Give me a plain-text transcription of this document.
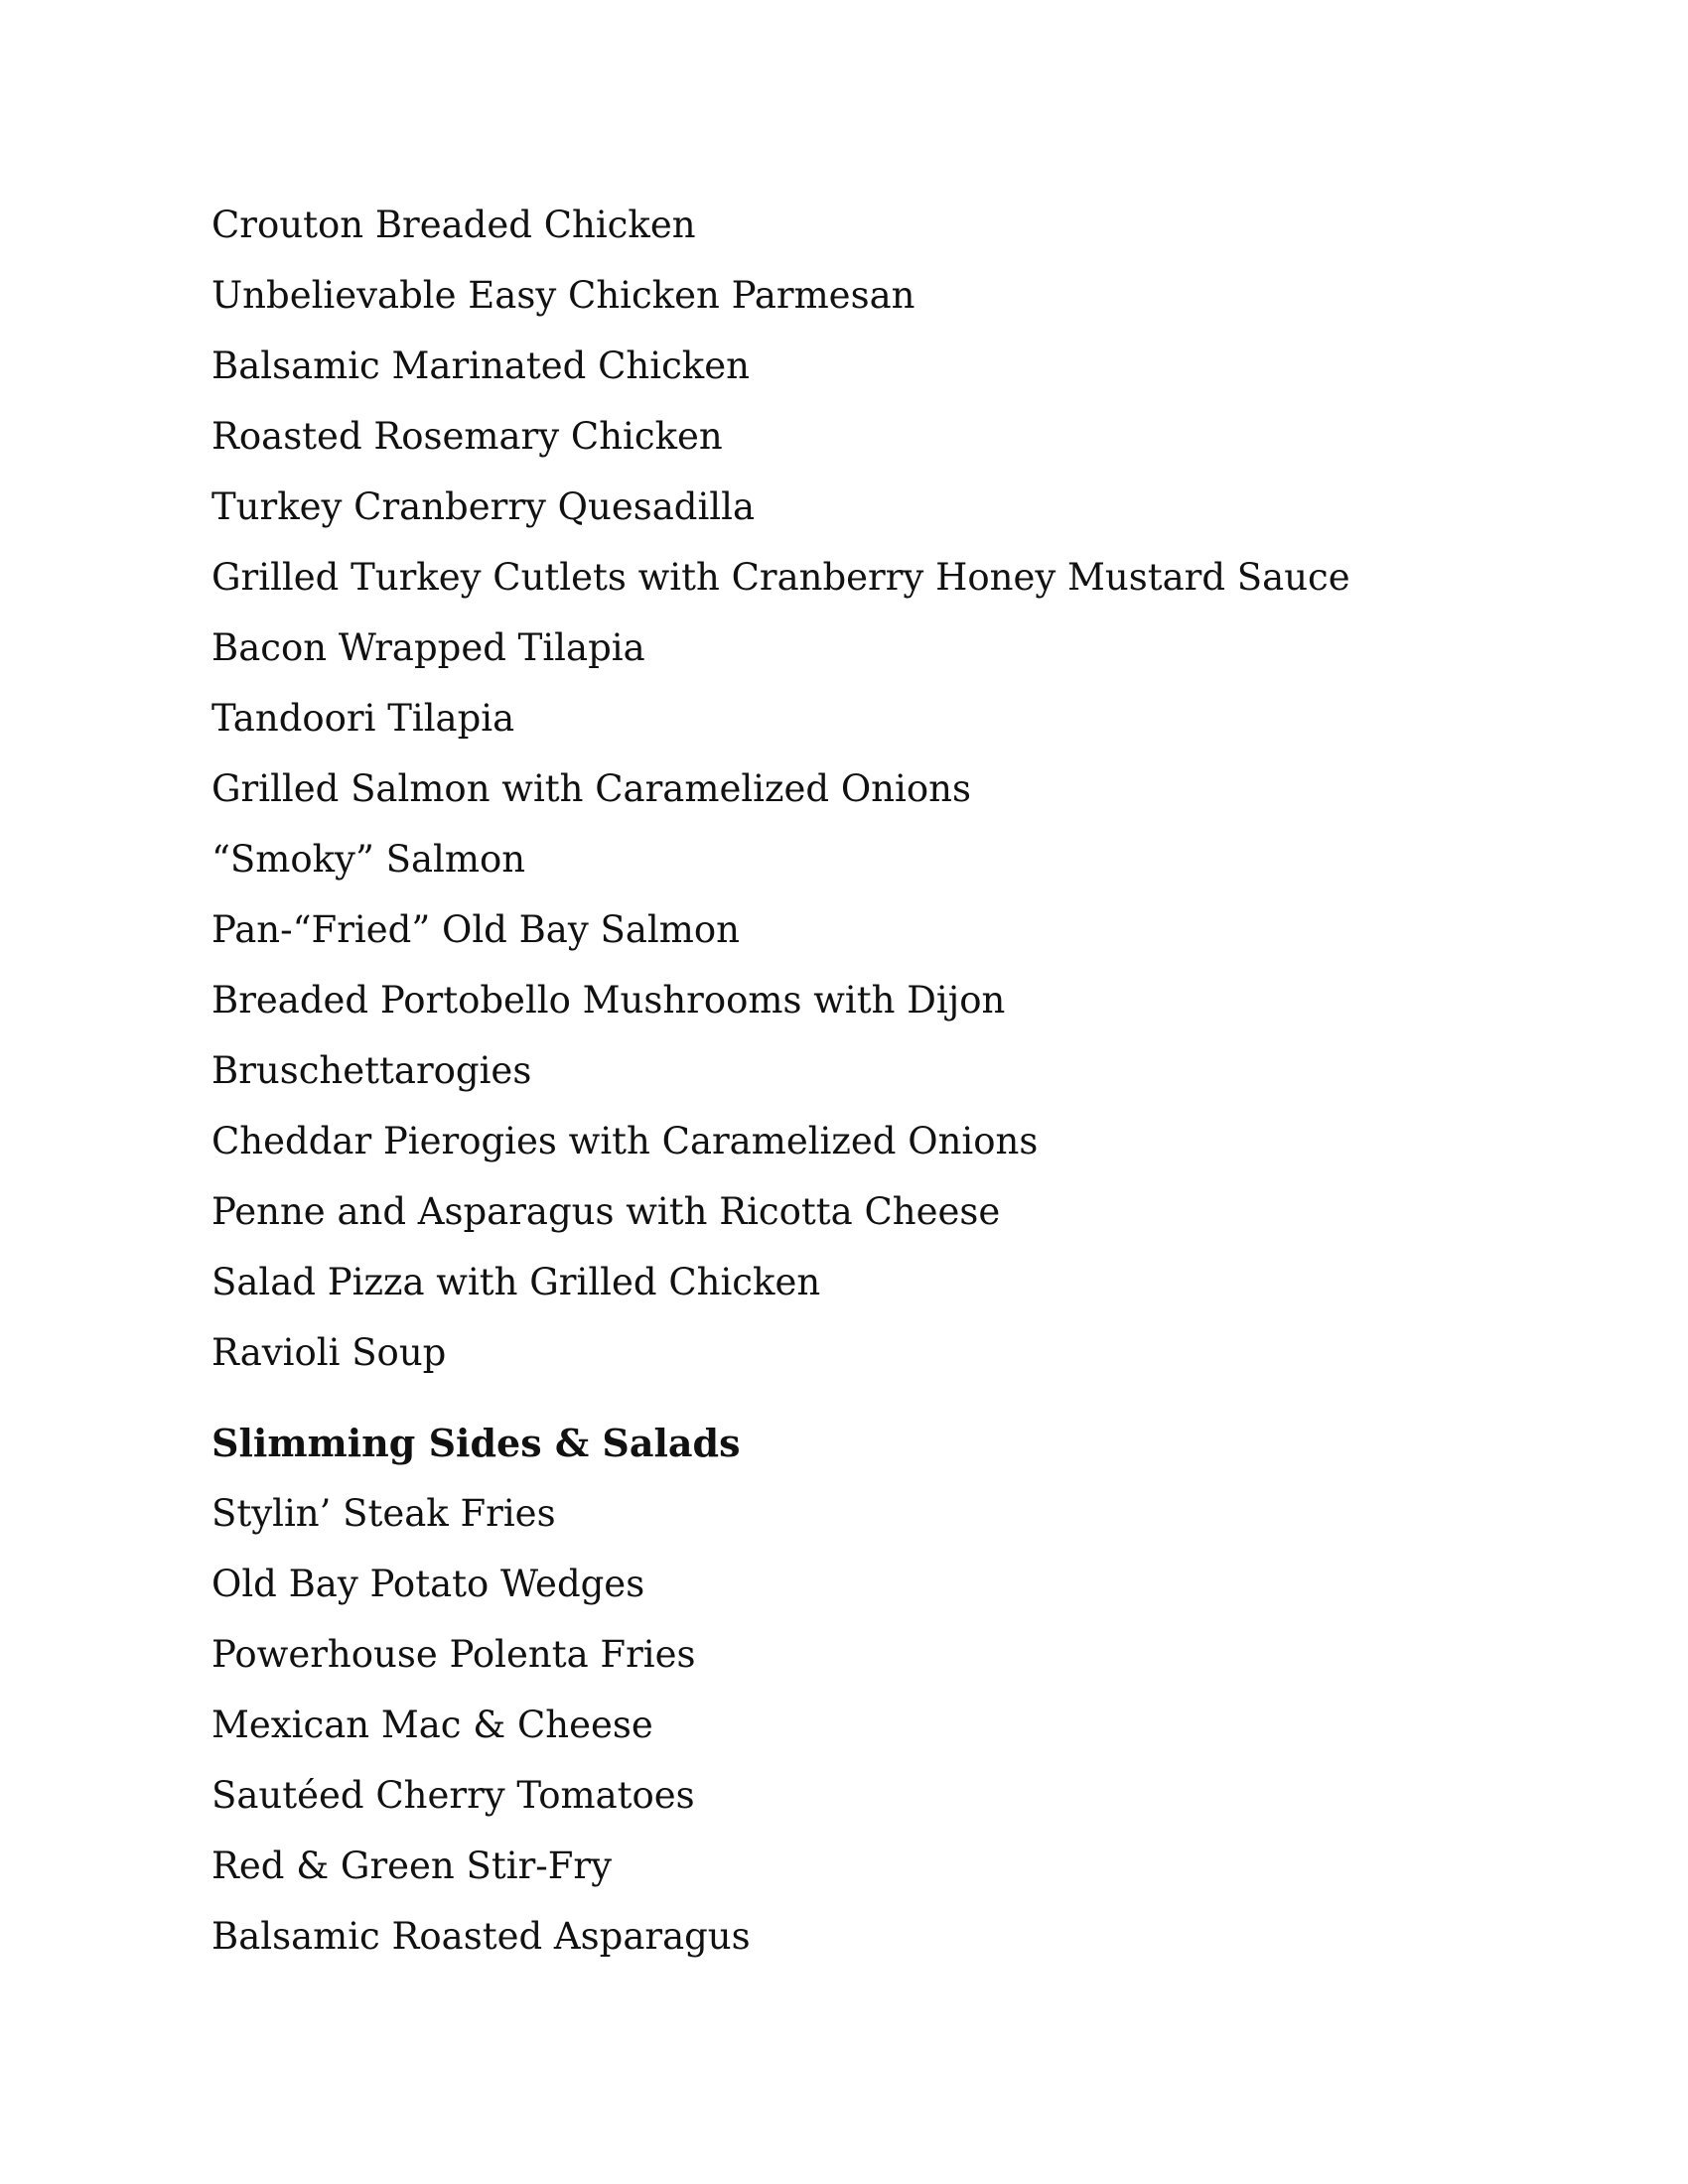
Crouton Breaded Chicken
Unbelievable Easy Chicken Parmesan
Balsamic Marinated Chicken
Roasted Rosemary Chicken
Turkey Cranberry Quesadilla
Grilled Turkey Cutlets with Cranberry Honey Mustard Sauce
Bacon Wrapped Tilapia
Tandoori Tilapia
Grilled Salmon with Caramelized Onions
“Smoky” Salmon
Pan-“Fried” Old Bay Salmon
Breaded Portobello Mushrooms with Dijon
Bruschettarogies
Cheddar Pierogies with Caramelized Onions
Penne and Asparagus with Ricotta Cheese
Salad Pizza with Grilled Chicken
Ravioli Soup
Slimming Sides & Salads
Stylin’ Steak Fries
Old Bay Potato Wedges
Powerhouse Polenta Fries
Mexican Mac & Cheese
Sautéed Cherry Tomatoes
Red & Green Stir-Fry
Balsamic Roasted Asparagus
